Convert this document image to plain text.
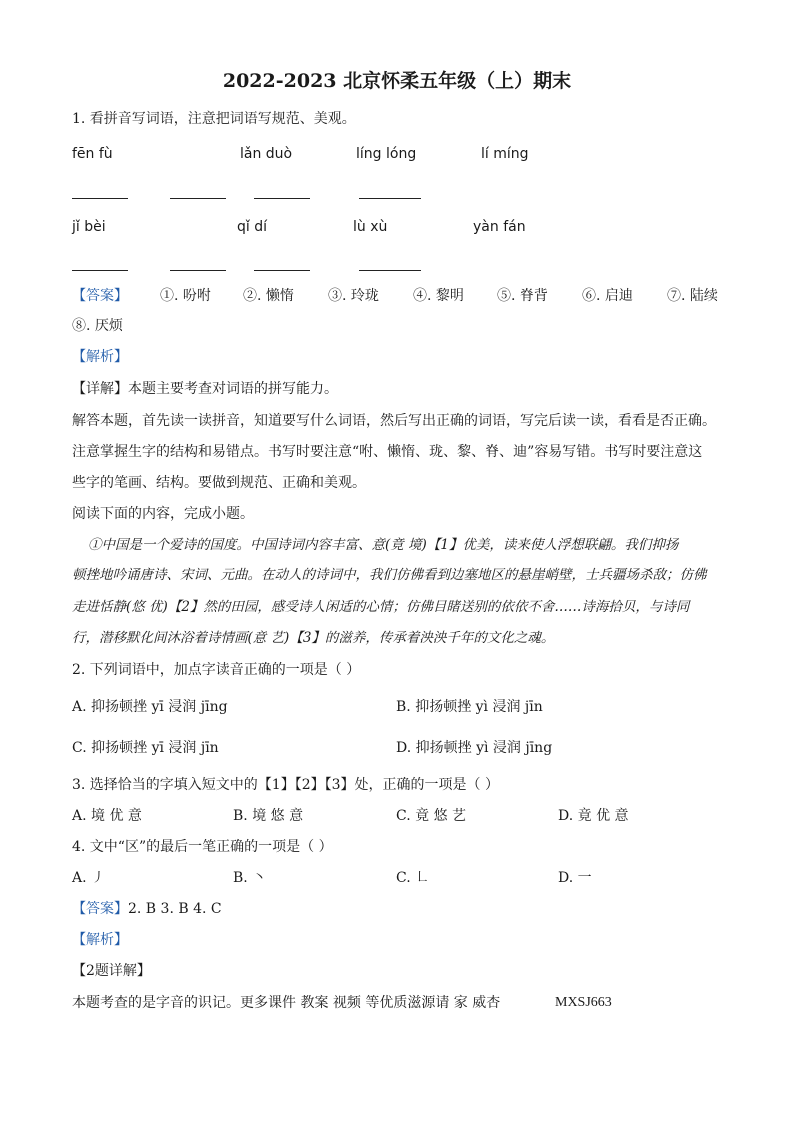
2022-2023 北京怀柔五年级（上）期末
1. 看拼音写词语，注意把词语写规范、美观。
fēn fù	lǎn duò	líng lóng	lí míng
jǐ bèi	qǐ dí	lù xù	yàn fán
【答案】 ①. 吩咐 ②. 懒惰 ③. 玲珑 ④. 黎明 ⑤. 脊背 ⑥. 启迪 ⑦. 陆续
⑧. 厌烦
【解析】
【详解】本题主要考查对词语的拼写能力。
解答本题，首先读一读拼音，知道要写什么词语，然后写出正确的词语，写完后读一读，看看是否正确。
注意掌握生字的结构和易错点。书写时要注意“咐、懒惰、珑、黎、脊、迪”容易写错。书写时要注意这
些字的笔画、结构。要做到规范、正确和美观。
阅读下面的内容，完成小题。
①中国是一个爱诗的国度。中国诗词内容丰富、意(竟 境)【1】优美，读来使人浮想联翩。我们抑扬
顿挫地吟诵唐诗、宋词、元曲。在动人的诗词中，我们仿佛看到边塞地区的悬崖峭壁，士兵疆场杀敌；仿佛
走进恬静(悠 优)【2】然的田园，感受诗人闲适的心情；仿佛目睹送别的依依不舍……诗海拾贝，与诗同
行，潜移默化间沐浴着诗情画(意 艺)【3】的滋养，传承着泱泱千年的文化之魂。
2. 下列词语中，加点字读音正确的一项是（ ）
A. 抑扬顿挫 yī 浸润 jīng	B. 抑扬顿挫 yì 浸润 jīn
C. 抑扬顿挫 yī 浸润 jīn	D. 抑扬顿挫 yì 浸润 jīng
3. 选择恰当的字填入短文中的【1】【2】【3】处，正确的一项是（ ）
A. 境 优 意	B. 境 悠 意	C. 竟 悠 艺	D. 竟 优 意
4. 文中“区”的最后一笔正确的一项是（ ）
A. ㇓	B. ㇔	C. ㇗	D. 一
【答案】 2. B 3. B 4. C
【解析】
【2题详解】
本题考查的是字音的识记。更多课件 教案 视频 等优质滋源请 家 威杏	MXSJ663
